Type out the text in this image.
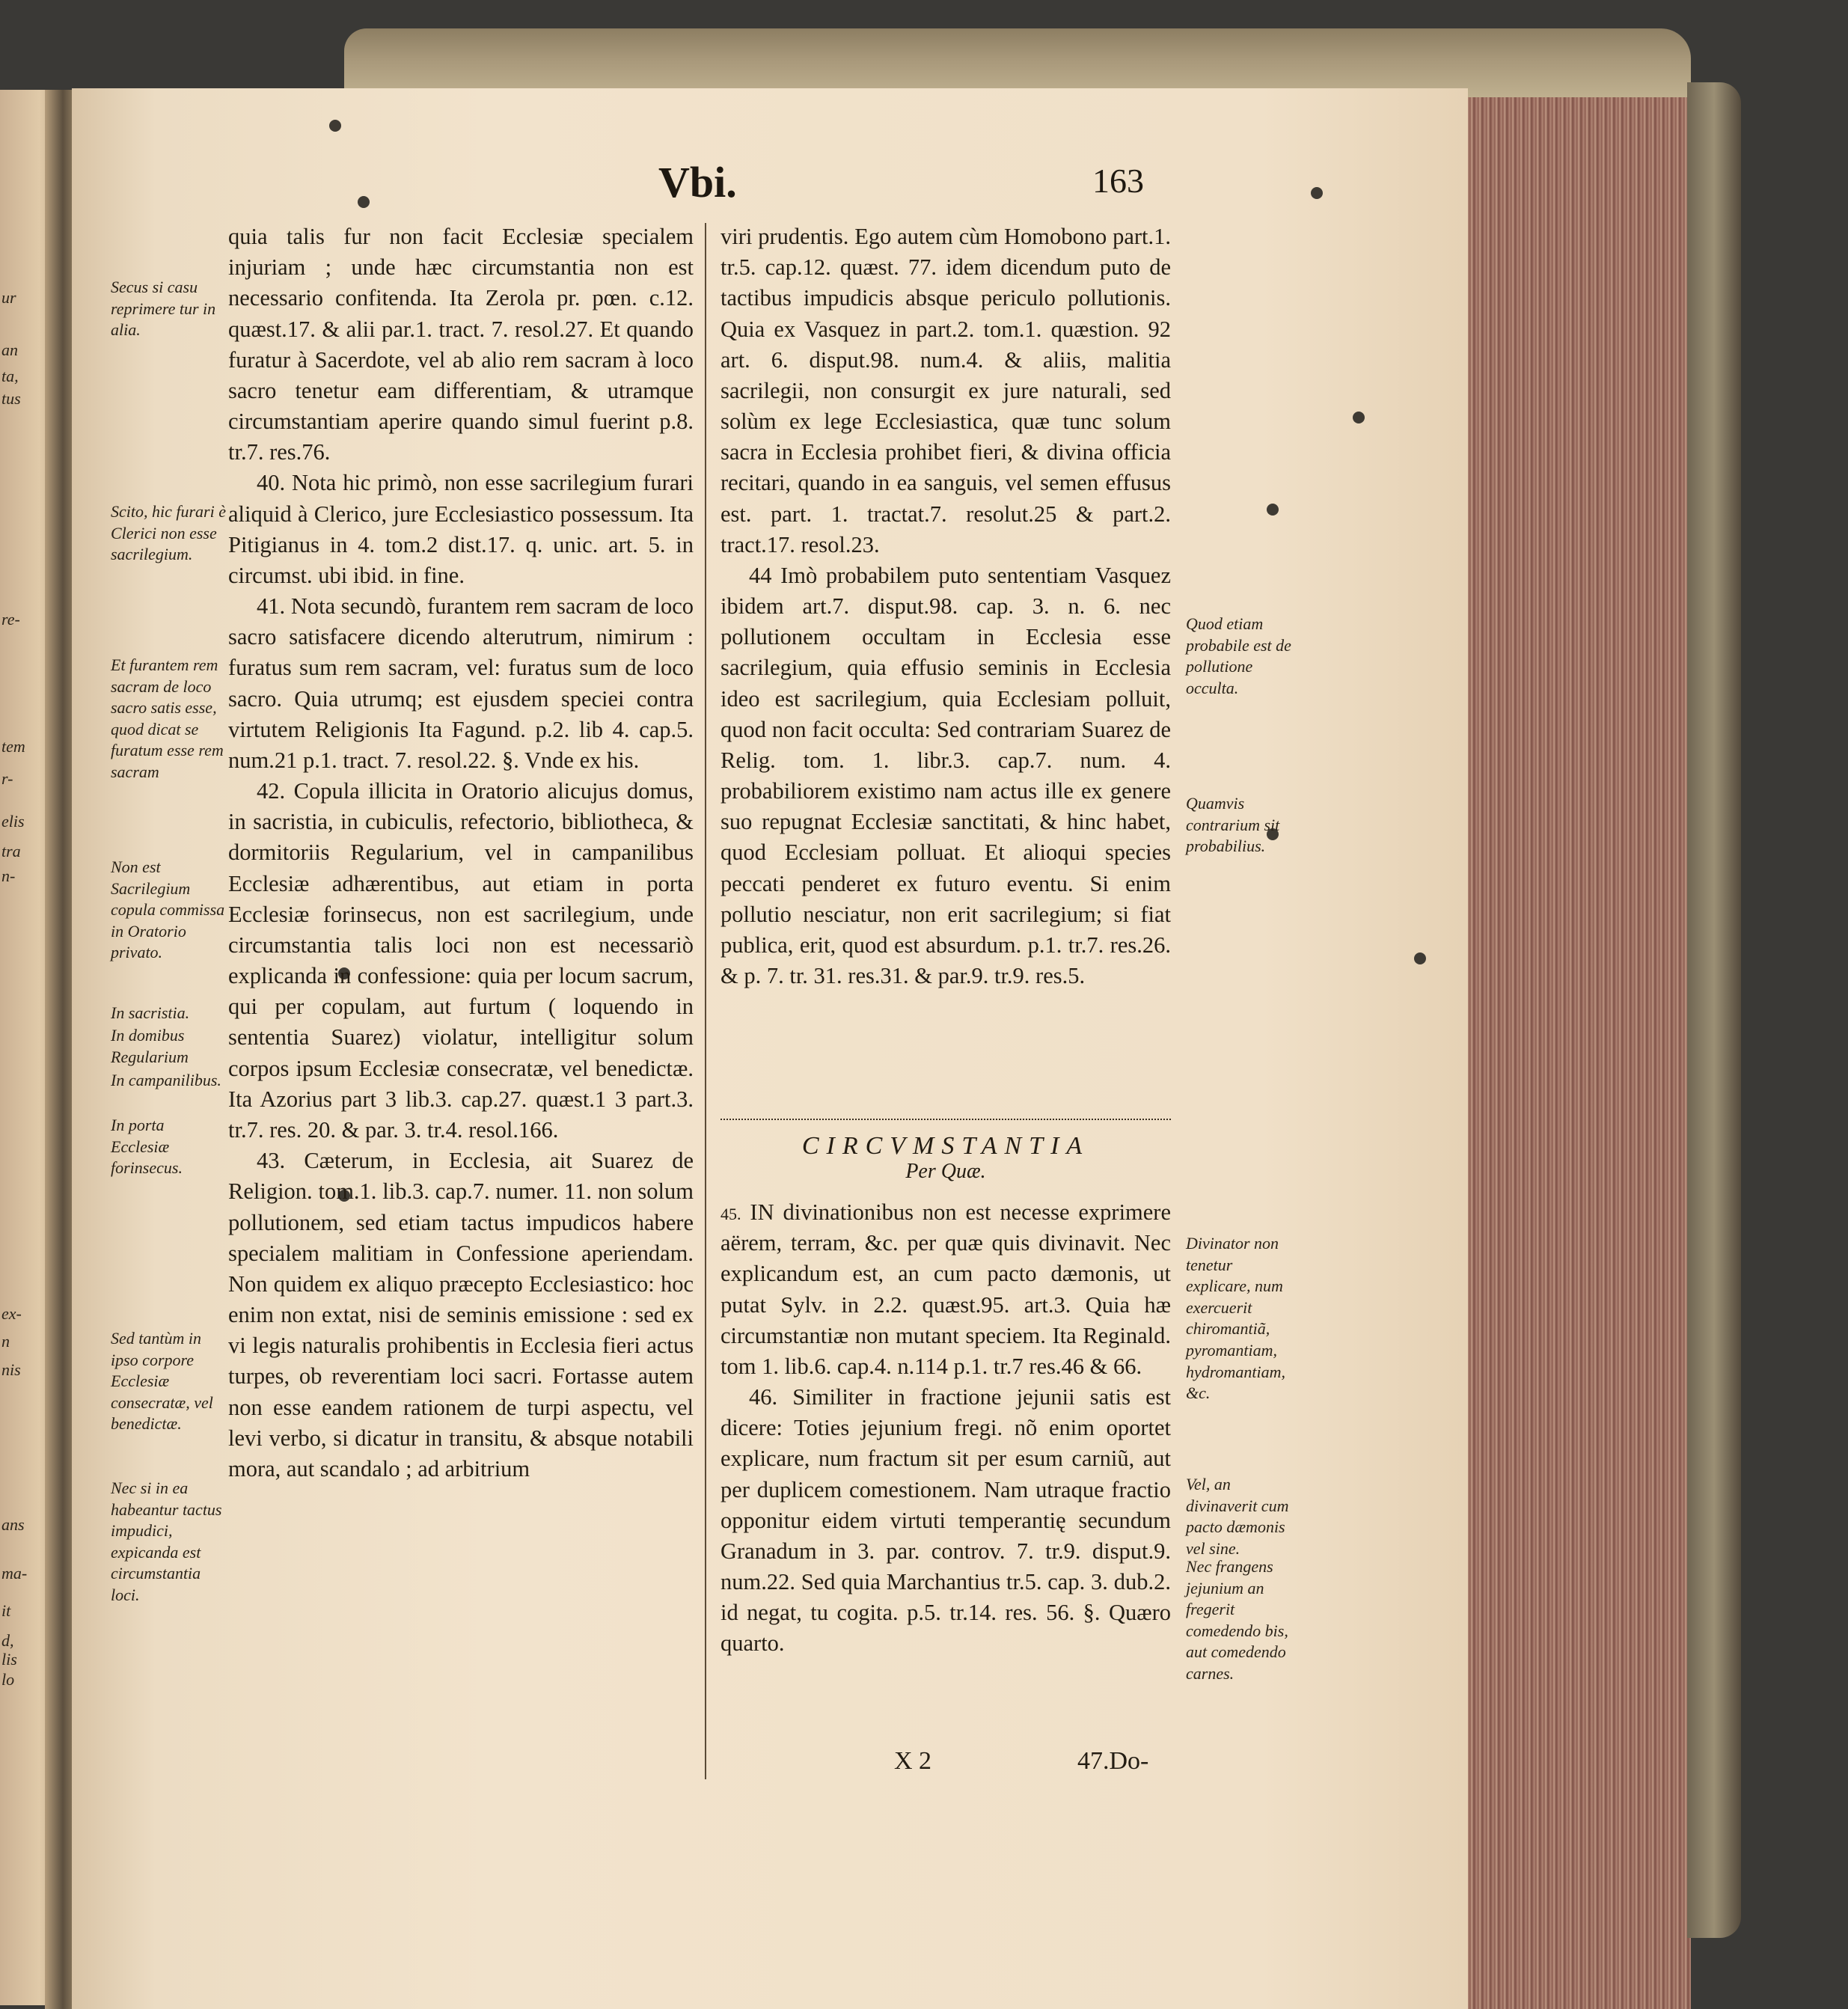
ur
an
ta,
tus
re-
tem
r-
elis
tra
n-
ex-
n
nis
ans
ma-
it
d,
lis
lo
Vbi.	163
Secus si casu reprimere tur in alia.
Scito, hic furari è Clerici non esse sacrilegium.
Et furantem rem sacram de loco sacro satis esse, quod dicat se furatum esse rem sacram
Non est Sacrilegium copula commissa in Oratorio privato.
In sacristia.
In domibus Regularium
In campanilibus.
In porta Ecclesiæ forinsecus.
Sed tantùm in ipso corpore Ecclesiæ consecratæ, vel benedictæ.
Nec si in ea habeantur tactus impudici, expicanda est circumstantia loci.

quia talis fur non facit Ecclesiæ specialem injuriam ; unde hæc circumstantia non est necessario confitenda. Ita Zerola pr. pœn. c.12. quæst.17. & alii par.1. tract. 7. resol.27. Et quando furatur à Sacerdote, vel ab alio rem sacram à loco sacro tenetur eam differentiam, & utramque circumstantiam aperire quando simul fuerint p.8. tr.7. res.76.

40. Nota hic primò, non esse sacrilegium furari aliquid à Clerico, jure Ecclesiastico possessum. Ita Pitigianus in 4. tom.2 dist.17. q. unic. art. 5. in circumst. ubi ibid. in fine.

41. Nota secundò, furantem rem sacram de loco sacro satisfacere dicendo alterutrum, nimirum : furatus sum rem sacram, vel: furatus sum de loco sacro. Quia utrumq; est ejusdem speciei contra virtutem Religionis Ita Fagund. p.2. lib 4. cap.5. num.21 p.1. tract. 7. resol.22. §. Vnde ex his.

42. Copula illicita in Oratorio alicujus domus, in sacristia, in cubiculis, refectorio, bibliotheca, & dormitoriis Regularium, vel in campanilibus Ecclesiæ adhærentibus, aut etiam in porta Ecclesiæ forinsecus, non est sacrilegium, unde circumstantia talis loci non est necessariò explicanda in confessione: quia per locum sacrum, qui per copulam, aut furtum ( loquendo in sententia Suarez) violatur, intelligitur solum corpos ipsum Ecclesiæ consecratæ, vel benedictæ. Ita Azorius part 3 lib.3. cap.27. quæst.1 3 part.3. tr.7. res. 20. & par. 3. tr.4. resol.166.

43. Cæterum, in Ecclesia, ait Suarez de Religion. tom.1. lib.3. cap.7. numer. 11. non solum pollutionem, sed etiam tactus impudicos habere specialem malitiam in Confessione aperiendam. Non quidem ex aliquo præcepto Ecclesiastico: hoc enim non extat, nisi de seminis emissione : sed ex vi legis naturalis prohibentis in Ecclesia fieri actus turpes, ob reverentiam loci sacri. Fortasse autem non esse eandem rationem de turpi aspectu, vel levi verbo, si dicatur in transitu, & absque notabili mora, aut scandalo ; ad arbitrium

viri prudentis. Ego autem cùm Homobono part.1. tr.5. cap.12. quæst. 77. idem dicendum puto de tactibus impudicis absque periculo pollutionis. Quia ex Vasquez in part.2. tom.1. quæstion. 92 art. 6. disput.98. num.4. & aliis, malitia sacrilegii, non consurgit ex jure naturali, sed solùm ex lege Ecclesiastica, quæ tunc solum sacra in Ecclesia prohibet fieri, & divina officia recitari, quando in ea sanguis, vel semen effusus est. part. 1. tractat.7. resolut.25 & part.2. tract.17. resol.23.

44 Imò probabilem puto sententiam Vasquez ibidem art.7. disput.98. cap. 3. n. 6. nec pollutionem occultam in Ecclesia esse sacrilegium, quia effusio seminis in Ecclesia ideo est sacrilegium, quia Ecclesiam polluit, quod non facit occulta: Sed contrariam Suarez de Relig. tom. 1. libr.3. cap.7. num. 4. probabiliorem existimo nam actus ille ex genere suo repugnat Ecclesiæ sanctitati, & hinc habet, quod Ecclesiam polluat. Et alioqui species peccati penderet ex futuro eventu. Si enim pollutio nesciatur, non erit sacrilegium; si fiat publica, erit, quod est absurdum. p.1. tr.7. res.26. & p. 7. tr. 31. res.31. & par.9. tr.9. res.5.

CIRCVMSTANTIA
Per Quæ.

45. IN divinationibus non est necesse exprimere aërem, terram, &c. per quæ quis divinavit. Nec explicandum est, an cum pacto dæmonis, ut putat Sylv. in 2.2. quæst.95. art.3. Quia hæ circumstantiæ non mutant speciem. Ita Reginald. tom 1. lib.6. cap.4. n.114 p.1. tr.7 res.46 & 66.

46. Similiter in fractione jejunii satis est dicere: Toties jejunium fregi. nõ enim oportet explicare, num fractum sit per esum carniũ, aut per duplicem comestionem. Nam utraque fractio opponitur eidem virtuti temperantię secundum Granadum in 3. par. controv. 7. tr.9. disput.9. num.22. Sed quia Marchantius tr.5. cap. 3. dub.2. id negat, tu cogita. p.5. tr.14. res. 56. §. Quæro quarto.

Quod etiam probabile est de pollutione occulta.
Quamvis contrarium sit probabilius.
Divinator non tenetur explicare, num exercuerit chiromantiã, pyromantiam, hydromantiam, &c.
Vel, an divinaverit cum pacto dæmonis vel sine.
Nec frangens jejunium an fregerit comedendo bis, aut comedendo carnes.
X 2	47.Do-
